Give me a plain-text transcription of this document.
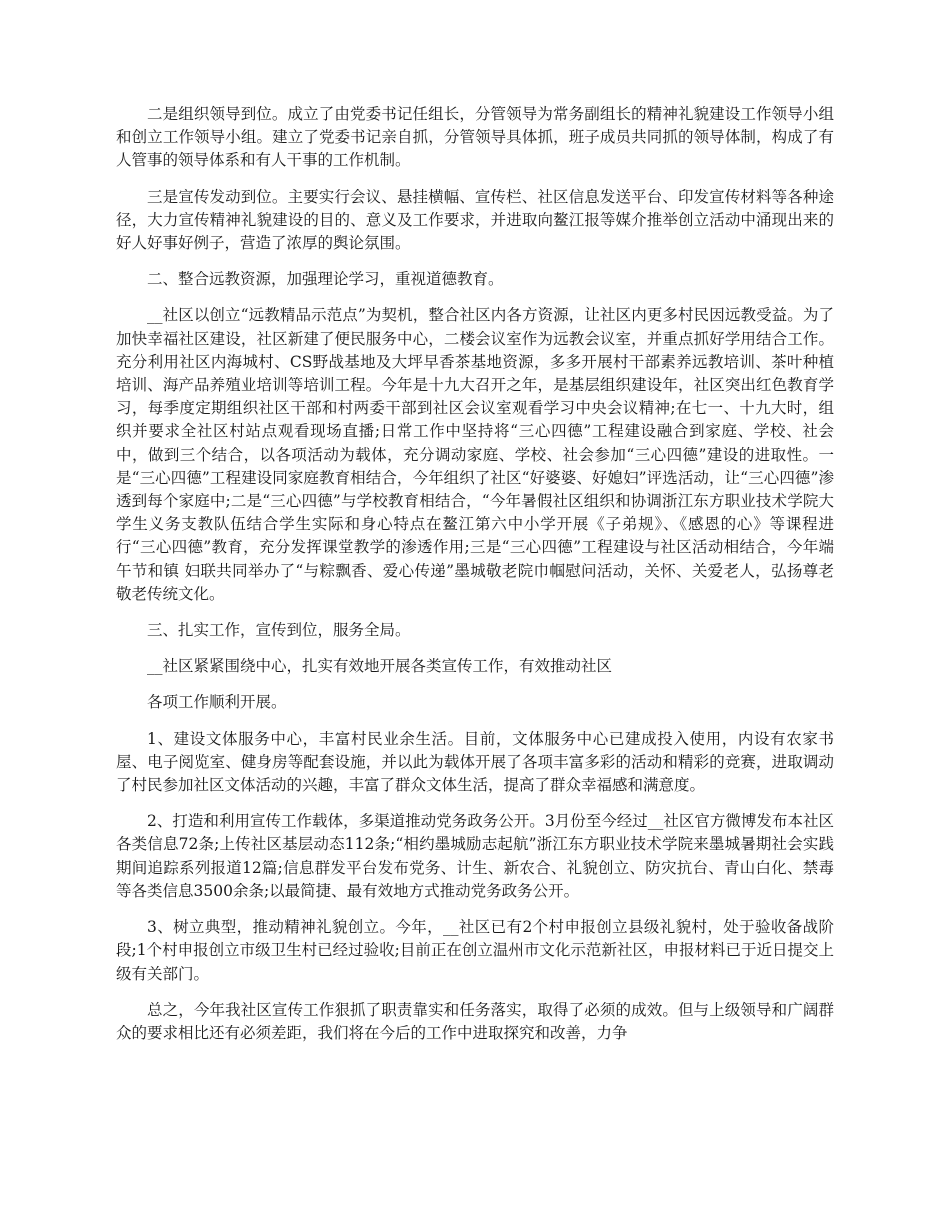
二是组织领导到位。成立了由党委书记任组长，分管领导为常务副组长的精神礼貌建设工作领导小组和创立工作领导小组。建立了党委书记亲自抓，分管领导具体抓，班子成员共同抓的领导体制，构成了有人管事的领导体系和有人干事的工作机制。

三是宣传发动到位。主要实行会议、悬挂横幅、宣传栏、社区信息发送平台、印发宣传材料等各种途径，大力宣传精神礼貌建设的目的、意义及工作要求，并进取向鳌江报等媒介推举创立活动中涌现出来的好人好事好例子，营造了浓厚的舆论氛围。

二、整合远教资源，加强理论学习，重视道德教育。

__社区以创立“远教精品示范点”为契机，整合社区内各方资源，让社区内更多村民因远教受益。为了加快幸福社区建设，社区新建了便民服务中心，二楼会议室作为远教会议室，并重点抓好学用结合工作。充分利用社区内海城村、CS野战基地及大坪早香茶基地资源，多多开展村干部素养远教培训、茶叶种植培训、海产品养殖业培训等培训工程。今年是十九大召开之年，是基层组织建设年，社区突出红色教育学习，每季度定期组织社区干部和村两委干部到社区会议室观看学习中央会议精神;在七一、十九大时，组织并要求全社区村站点观看现场直播;日常工作中坚持将“三心四德”工程建设融合到家庭、学校、社会中，做到三个结合，以各项活动为载体，充分调动家庭、学校、社会参加“三心四德”建设的进取性。一是“三心四德”工程建设同家庭教育相结合，今年组织了社区“好婆婆、好媳妇”评选活动，让“三心四德”渗透到每个家庭中;二是“三心四德”与学校教育相结合，“今年暑假社区组织和协调浙江东方职业技术学院大学生义务支教队伍结合学生实际和身心特点在鳌江第六中小学开展《子弟规》、《感恩的心》等课程进行“三心四德”教育，充分发挥课堂教学的渗透作用;三是“三心四德”工程建设与社区活动相结合，今年端午节和镇 妇联共同举办了“与粽飘香、爱心传递”墨城敬老院巾帼慰问活动，关怀、关爱老人，弘扬尊老敬老传统文化。

三、扎实工作，宣传到位，服务全局。

__社区紧紧围绕中心，扎实有效地开展各类宣传工作，有效推动社区

各项工作顺利开展。

1、建设文体服务中心，丰富村民业余生活。目前，文体服务中心已建成投入使用，内设有农家书屋、电子阅览室、健身房等配套设施，并以此为载体开展了各项丰富多彩的活动和精彩的竞赛，进取调动了村民参加社区文体活动的兴趣，丰富了群众文体生活，提高了群众幸福感和满意度。

2、打造和利用宣传工作载体，多渠道推动党务政务公开。3月份至今经过__社区官方微博发布本社区各类信息72条;上传社区基层动态112条;“相约墨城励志起航”浙江东方职业技术学院来墨城暑期社会实践期间追踪系列报道12篇;信息群发平台发布党务、计生、新农合、礼貌创立、防灾抗台、青山白化、禁毒等各类信息3500余条;以最简捷、最有效地方式推动党务政务公开。

3、树立典型，推动精神礼貌创立。今年，__社区已有2个村申报创立县级礼貌村，处于验收备战阶段;1个村申报创立市级卫生村已经过验收;目前正在创立温州市文化示范新社区，申报材料已于近日提交上级有关部门。

总之，今年我社区宣传工作狠抓了职责靠实和任务落实，取得了必须的成效。但与上级领导和广阔群众的要求相比还有必须差距，我们将在今后的工作中进取探究和改善，力争
